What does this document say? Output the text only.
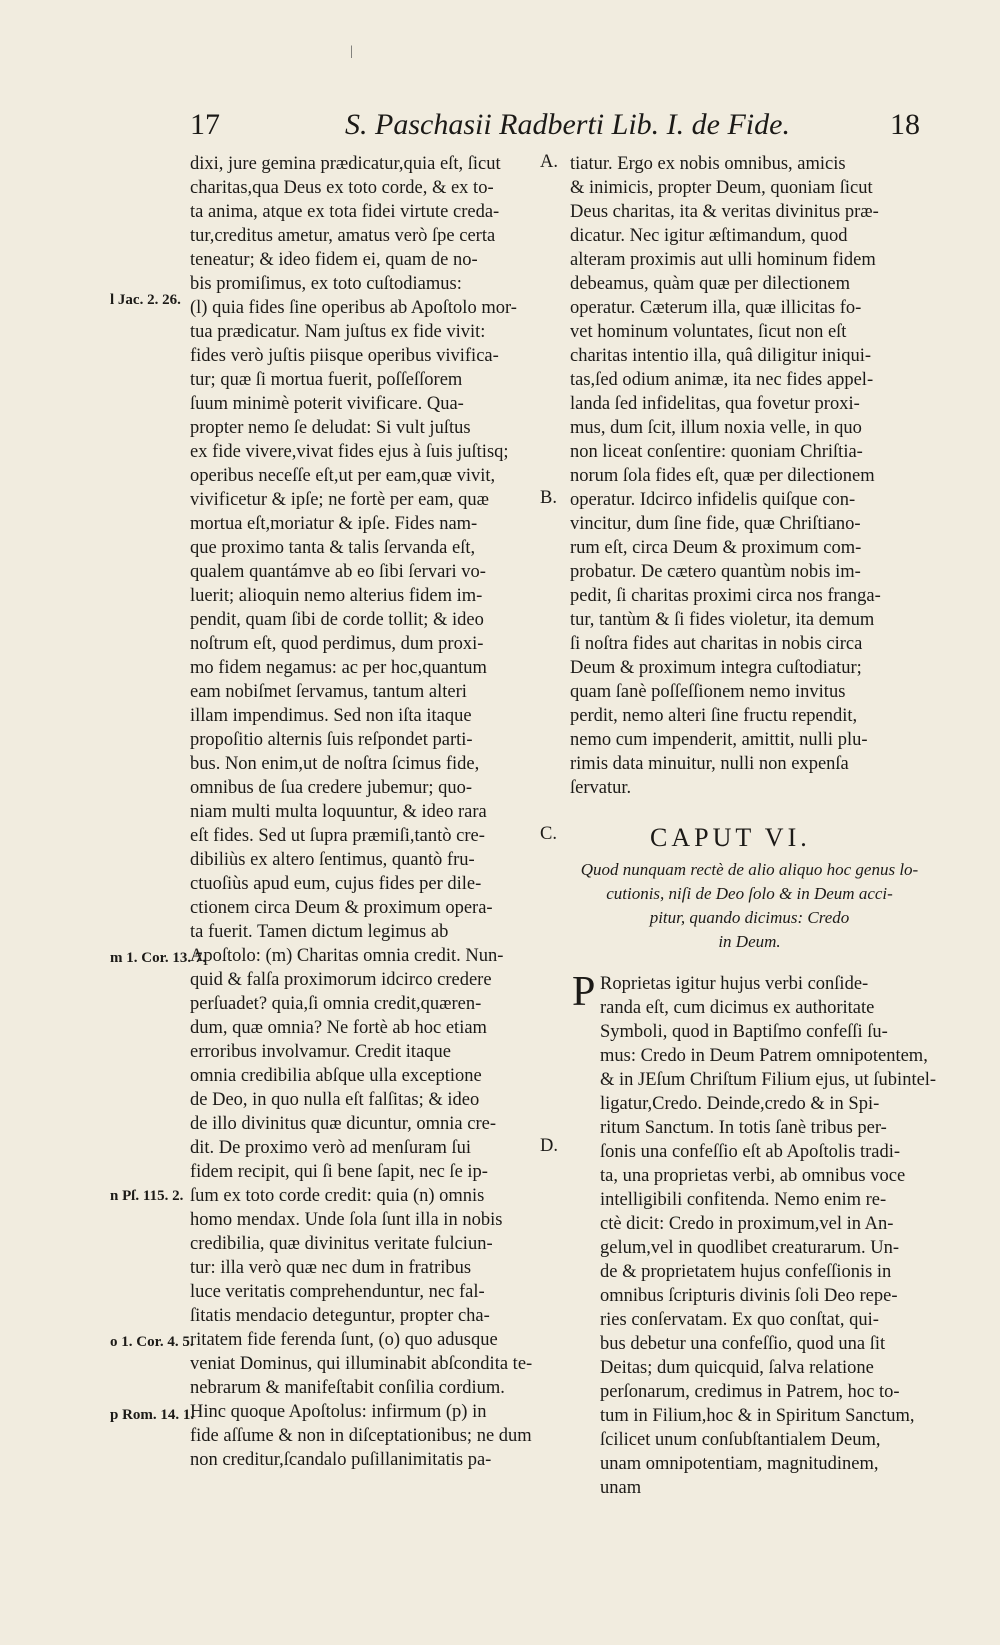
17	S. Paschasii Radberti Lib. I. de Fide.	18
|
dixi, jure gemina prædicatur,quia eſt, ſicut
charitas,qua Deus ex toto corde, & ex to-
ta anima, atque ex tota fidei virtute creda-
tur,creditus ametur, amatus verò ſpe certa
teneatur; & ideo fidem ei, quam de no-
bis promiſimus, ex toto cuſtodiamus:
(l) quia fides ſine operibus ab Apoſtolo mor-
tua prædicatur. Nam juſtus ex fide vivit:
fides verò juſtis piisque operibus vivifica-
tur; quæ ſi mortua fuerit, poſſeſſorem
ſuum minimè poterit vivificare. Qua-
propter nemo ſe deludat: Si vult juſtus
ex fide vivere,vivat fides ejus à ſuis juſtisq;
operibus neceſſe eſt,ut per eam,quæ vivit,
vivificetur & ipſe; ne fortè per eam, quæ
mortua eſt,moriatur & ipſe. Fides nam-
que proximo tanta & talis ſervanda eſt,
qualem quantámve ab eo ſibi ſervari vo-
luerit; alioquin nemo alterius fidem im-
pendit, quam ſibi de corde tollit; & ideo
noſtrum eſt, quod perdimus, dum proxi-
mo fidem negamus: ac per hoc,quantum
eam nobiſmet ſervamus, tantum alteri
illam impendimus. Sed non iſta itaque
propoſitio alternis ſuis reſpondet parti-
bus. Non enim,ut de noſtra ſcimus fide,
omnibus de ſua credere jubemur; quo-
niam multi multa loquuntur, & ideo rara
eſt fides. Sed ut ſupra præmiſi,tantò cre-
dibiliùs ex altero ſentimus, quantò fru-
ctuoſiùs apud eum, cujus fides per dile-
ctionem circa Deum & proximum opera-
ta fuerit. Tamen dictum legimus ab
Apoſtolo: (m) Charitas omnia credit. Nun-
quid & falſa proximorum idcirco credere
perſuadet? quia,ſi omnia credit,quæren-
dum, quæ omnia? Ne fortè ab hoc etiam
erroribus involvamur. Credit itaque
omnia credibilia abſque ulla exceptione
de Deo, in quo nulla eſt falſitas; & ideo
de illo divinitus quæ dicuntur, omnia cre-
dit. De proximo verò ad menſuram ſui
fidem recipit, qui ſi bene ſapit, nec ſe ip-
ſum ex toto corde credit: quia (n) omnis
homo mendax. Unde ſola ſunt illa in nobis
credibilia, quæ divinitus veritate fulciun-
tur: illa verò quæ nec dum in fratribus
luce veritatis comprehenduntur, nec fal-
ſitatis mendacio deteguntur, propter cha-
ritatem fide ferenda ſunt, (o) quo adusque
veniat Dominus, qui illuminabit abſcondita te-
nebrarum & manifeſtabit conſilia cordium.
Hinc quoque Apoſtolus: infirmum (p) in
fide aſſume & non in diſceptationibus; ne dum
non creditur,ſcandalo puſillanimitatis pa-
tiatur. Ergo ex nobis omnibus, amicis
& inimicis, propter Deum, quoniam ſicut
Deus charitas, ita & veritas divinitus præ-
dicatur. Nec igitur æſtimandum, quod
alteram proximis aut ulli hominum fidem
debeamus, quàm quæ per dilectionem
operatur. Cæterum illa, quæ illicitas fo-
vet hominum voluntates, ſicut non eſt
charitas intentio illa, quâ diligitur iniqui-
tas,ſed odium animæ, ita nec fides appel-
landa ſed infidelitas, qua fovetur proxi-
mus, dum ſcit, illum noxia velle, in quo
non liceat conſentire: quoniam Chriſtia-
norum ſola fides eſt, quæ per dilectionem
operatur. Idcirco infidelis quiſque con-
vincitur, dum ſine fide, quæ Chriſtiano-
rum eſt, circa Deum & proximum com-
probatur. De cætero quantùm nobis im-
pedit, ſi charitas proximi circa nos franga-
tur, tantùm & ſi fides violetur, ita demum
ſi noſtra fides aut charitas in nobis circa
Deum & proximum integra cuſtodiatur;
quam ſanè poſſeſſionem nemo invitus
perdit, nemo alteri ſine fructu rependit,
nemo cum impenderit, amittit, nulli plu-
rimis data minuitur, nulli non expenſa
ſervatur.
CAPUT VI.
Quod nunquam rectè de alio aliquo hoc genus lo-
cutionis, niſi de Deo ſolo & in Deum acci-
pitur, quando dicimus: Credo
in Deum.
P Roprietas igitur hujus verbi conſide-
randa eſt, cum dicimus ex authoritate
Symboli, quod in Baptiſmo confeſſi ſu-
mus: Credo in Deum Patrem omnipotentem,
& in JEſum Chriſtum Filium ejus, ut ſubintel-
ligatur,Credo. Deinde,credo & in Spi-
ritum Sanctum. In totis ſanè tribus per-
ſonis una confeſſio eſt ab Apoſtolis tradi-
ta, una proprietas verbi, ab omnibus voce
intelligibili confitenda. Nemo enim re-
ctè dicit: Credo in proximum,vel in An-
gelum,vel in quodlibet creaturarum. Un-
de & proprietatem hujus confeſſionis in
omnibus ſcripturis divinis ſoli Deo repe-
ries conſervatam. Ex quo conſtat, qui-
bus debetur una confeſſio, quod una ſit
Deitas; dum quicquid, ſalva relatione
perſonarum, credimus in Patrem, hoc to-
tum in Filium,hoc & in Spiritum Sanctum,
ſcilicet unum conſubſtantialem Deum,
unam omnipotentiam, magnitudinem,
unam
l Jac. 2. 26.
m 1. Cor. 13. 7.
n Pſ. 115. 2.
o 1. Cor. 4. 5.
p Rom. 14. 1.
A.
B.
C.
D.
